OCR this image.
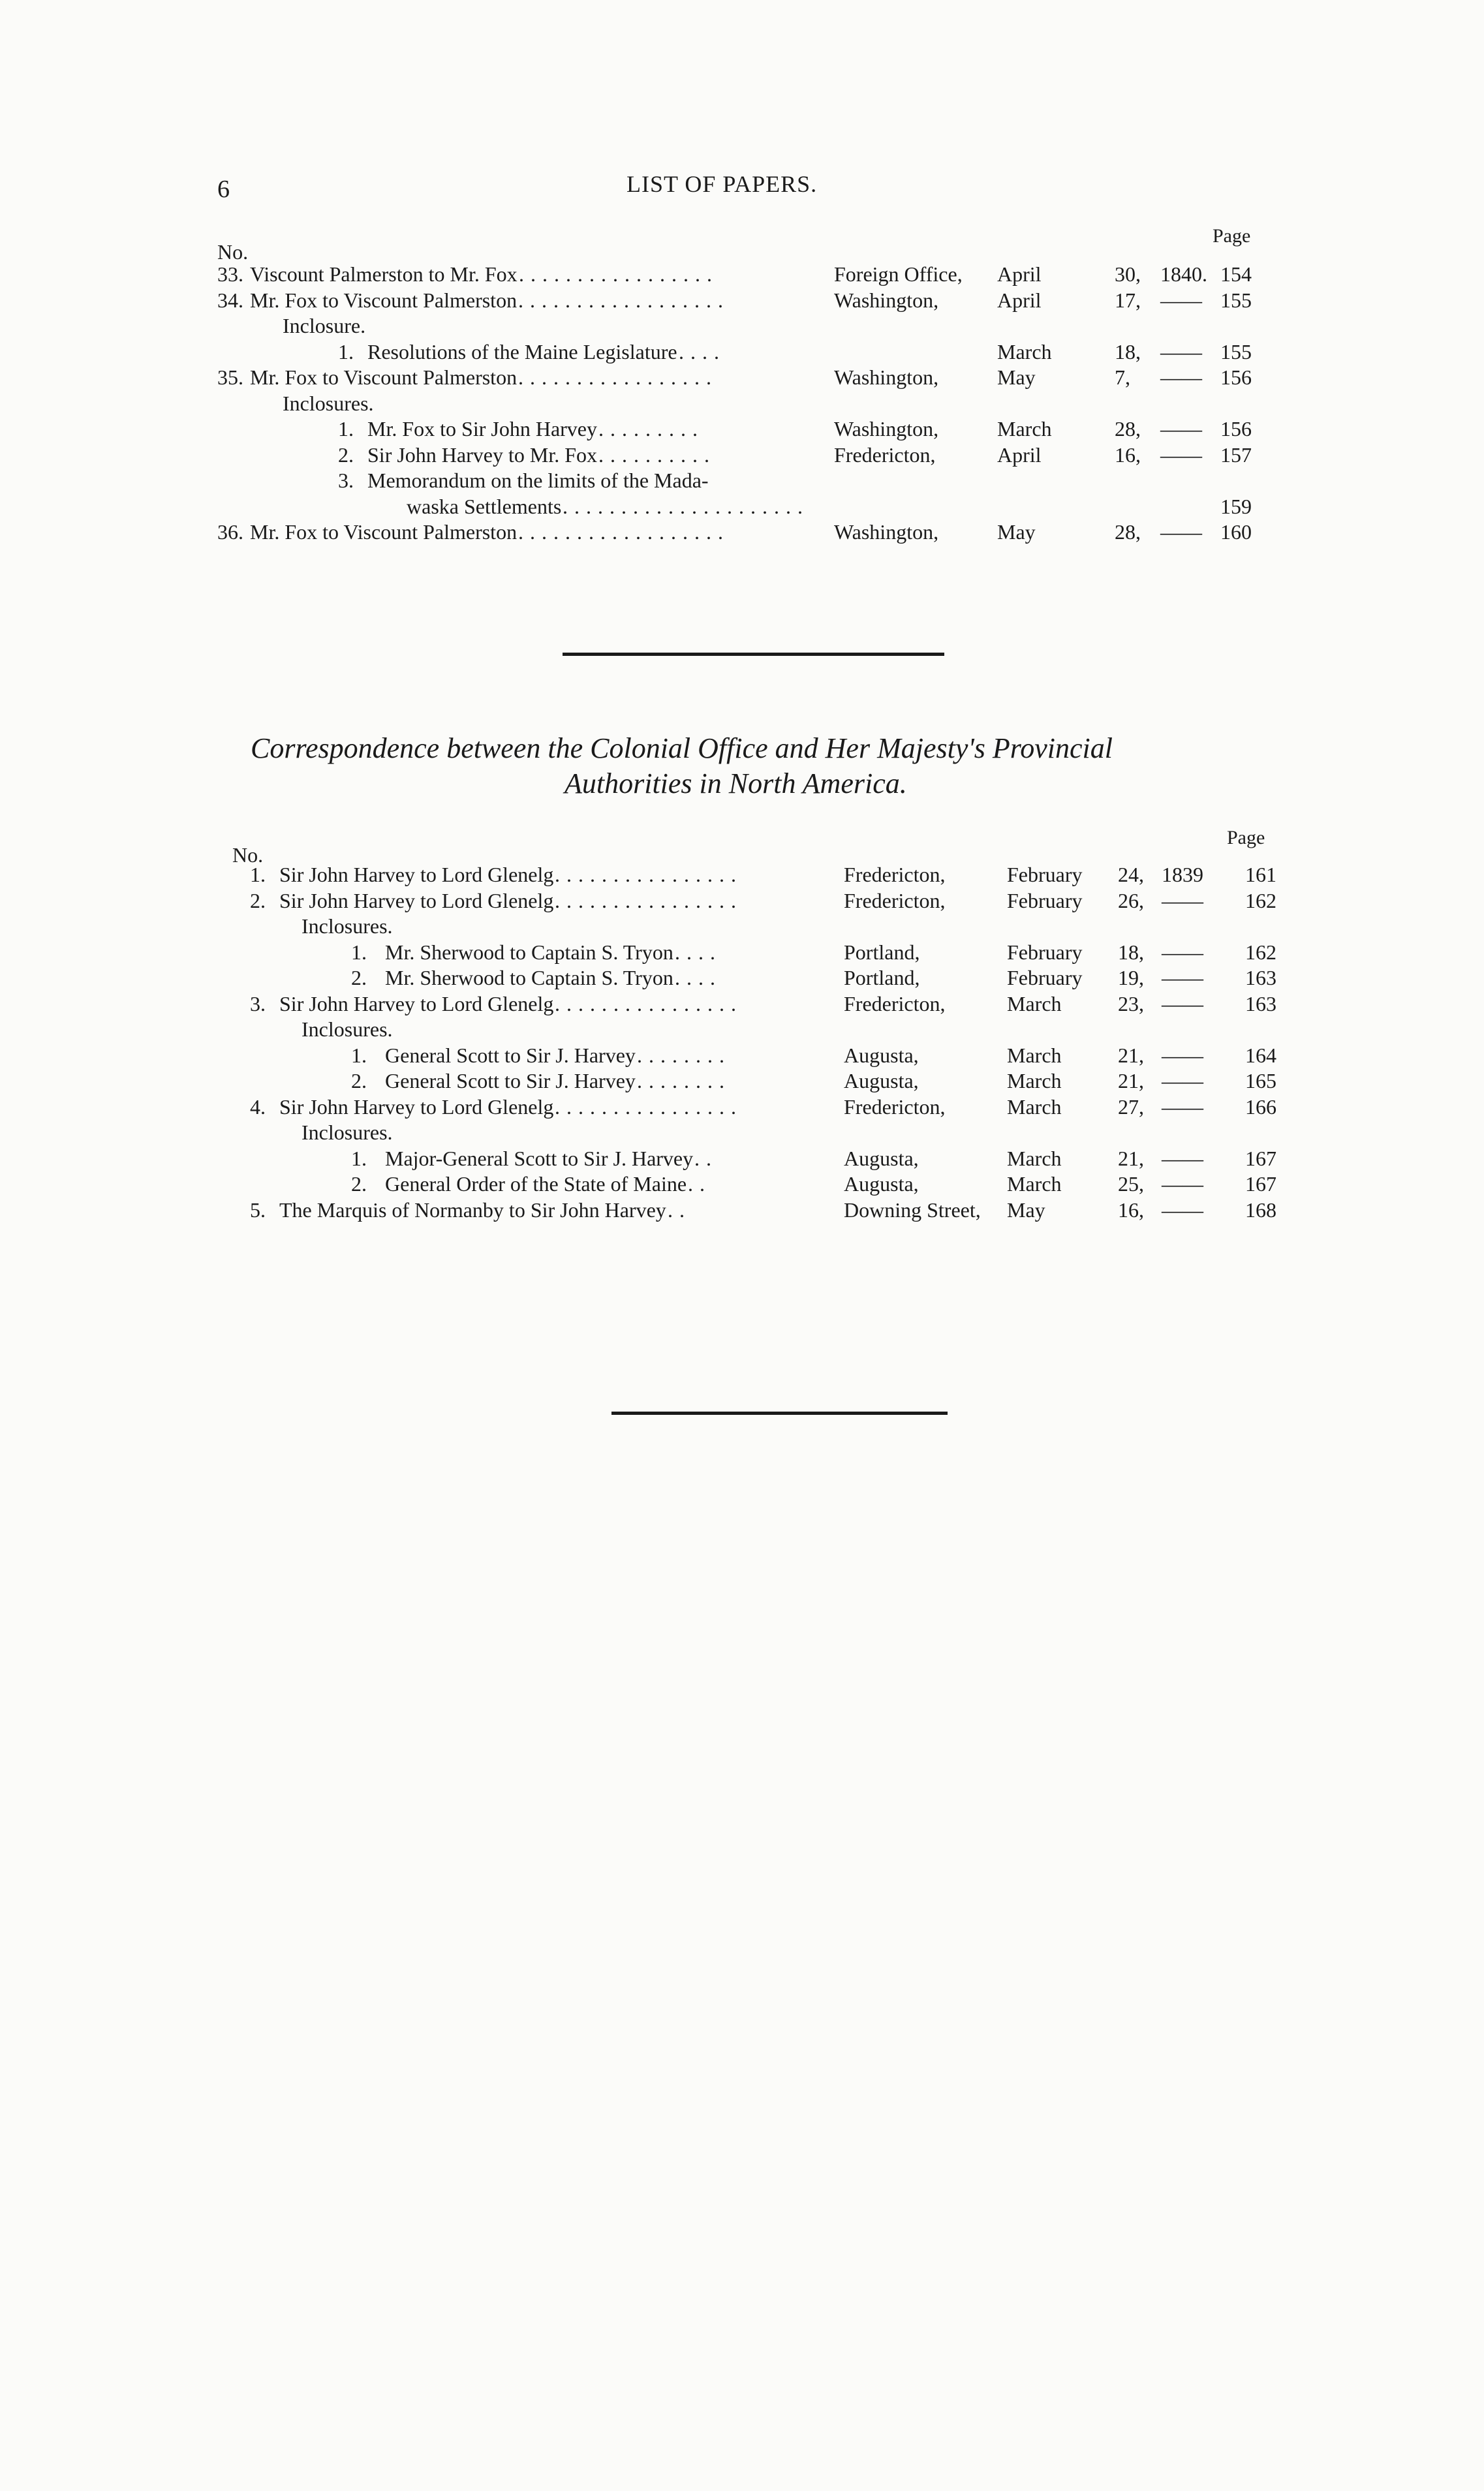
6	LIST OF PAPERS.
No.
Page
33. Viscount Palmerston to Mr. Fox . . . . . . . . . . . . . . . . .	Foreign Office, April	30, 1840. 154
34. Mr. Fox to Viscount Palmerston . . . . . . . . . . . . . . . . . .	Washington,	April	17, —— 155
Inclosure.
1. Resolutions of the Maine Legislature . . . .	March	18, —— 155
35. Mr. Fox to Viscount Palmerston . . . . . . . . . . . . . . . . .	Washington,	May	7, —— 156
Inclosures.
1. Mr. Fox to Sir John Harvey . . . . . . . . .	Washington,	March	28, —— 156
2. Sir John Harvey to Mr. Fox . . . . . . . . . .	Fredericton,	April	16, —— 157
3. Memorandum on the limits of the Mada-
waska Settlements . . . . . . . . . . . . . . . . . . . . .	159
36. Mr. Fox to Viscount Palmerston . . . . . . . . . . . . . . . . . .	Washington,	May	28, —— 160
Correspondence between the Colonial Office and Her Majesty's Provincial
Authorities in North America.
No.
Page
1. Sir John Harvey to Lord Glenelg . . . . . . . . . . . . . . . .	Fredericton,	February 24, 1839 161
2. Sir John Harvey to Lord Glenelg . . . . . . . . . . . . . . . .	Fredericton,	February 26, —— 162
Inclosures.
1. Mr. Sherwood to Captain S. Tryon . . . .	Portland,	February 18, —— 162
2. Mr. Sherwood to Captain S. Tryon . . . .	Portland,	February 19, —— 163
3. Sir John Harvey to Lord Glenelg . . . . . . . . . . . . . . . .	Fredericton,	March	23, —— 163
Inclosures.
1. General Scott to Sir J. Harvey . . . . . . . .	Augusta,	March	21, —— 164
2. General Scott to Sir J. Harvey . . . . . . . .	Augusta,	March	21, —— 165
4. Sir John Harvey to Lord Glenelg . . . . . . . . . . . . . . . .	Fredericton,	March	27, —— 166
Inclosures.
1. Major-General Scott to Sir J. Harvey . .	Augusta,	March	21, —— 167
2. General Order of the State of Maine . .	Augusta,	March	25, —— 167
5. The Marquis of Normanby to Sir John Harvey . .	Downing Street, May	16, —— 168
